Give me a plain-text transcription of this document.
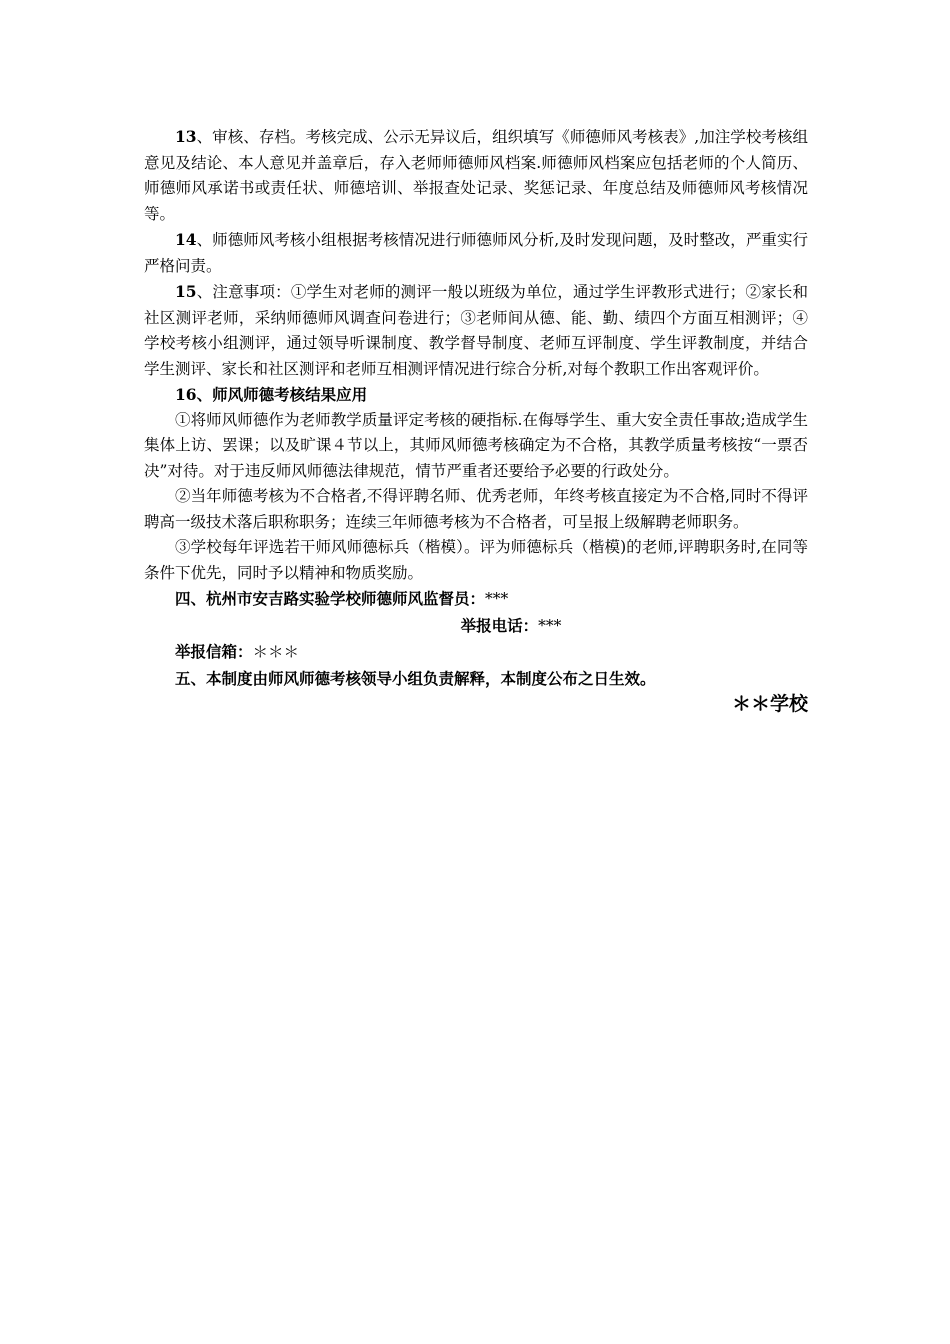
13、审核、存档。考核完成、公示无异议后，组织填写《师德师风考核表》,加注学校考核组意见及结论、本人意见并盖章后，存入老师师德师风档案.师德师风档案应包括老师的个人简历、师德师风承诺书或责任状、师德培训、举报查处记录、奖惩记录、年度总结及师德师风考核情况等。

14、师德师风考核小组根据考核情况进行师德师风分析,及时发现问题，及时整改，严重实行严格问责。

15、注意事项：①学生对老师的测评一般以班级为单位，通过学生评教形式进行；②家长和社区测评老师，采纳师德师风调查问卷进行；③老师间从德、能、勤、绩四个方面互相测评；④学校考核小组测评，通过领导听课制度、教学督导制度、老师互评制度、学生评教制度，并结合学生测评、家长和社区测评和老师互相测评情况进行综合分析,对每个教职工作出客观评价。

16、师风师德考核结果应用

①将师风师德作为老师教学质量评定考核的硬指标.在侮辱学生、重大安全责任事故;造成学生集体上访、罢课；以及旷课４节以上，其师风师德考核确定为不合格，其教学质量考核按“一票否决”对待。对于违反师风师德法律规范，情节严重者还要给予必要的行政处分。

②当年师德考核为不合格者,不得评聘名师、优秀老师，年终考核直接定为不合格,同时不得评聘高一级技术落后职称职务；连续三年师德考核为不合格者，可呈报上级解聘老师职务。

③学校每年评选若干师风师德标兵（楷模）。评为师德标兵（楷模)的老师,评聘职务时,在同等条件下优先，同时予以精神和物质奖励。

四、杭州市安吉路实验学校师德师风监督员：***

举报电话：***

举报信箱：＊＊＊

五、本制度由师风师德考核领导小组负责解释，本制度公布之日生效。

＊＊学校
